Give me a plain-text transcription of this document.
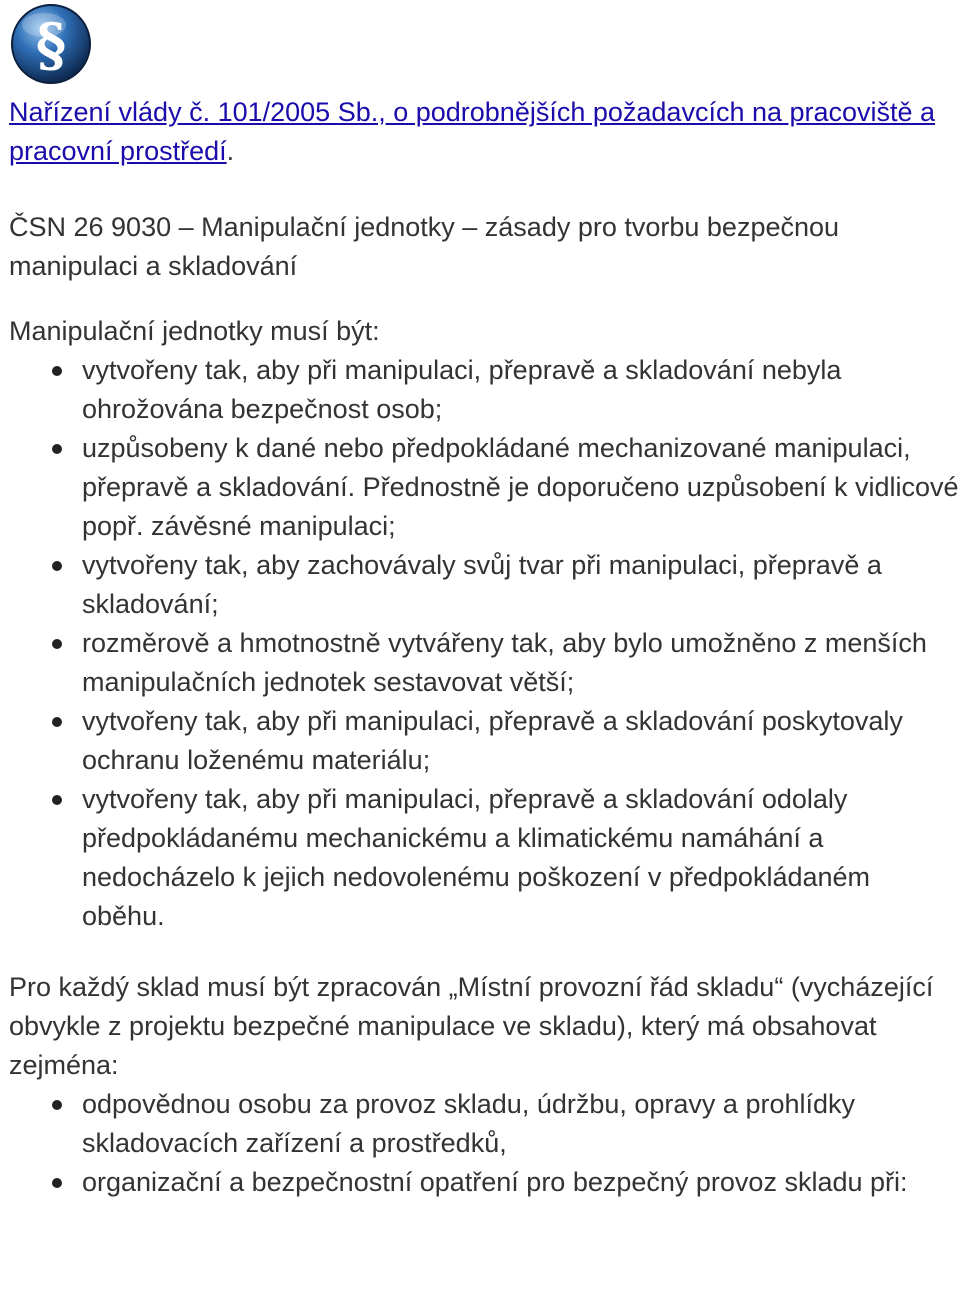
§

Nařízení vlády č. 101/2005 Sb., o podrobnějších požadavcích na pracoviště a pracovní prostředí.

ČSN 26 9030 – Manipulační jednotky – zásady pro tvorbu bezpečnou manipulaci a skladování

Manipulační jednotky musí být:

vytvořeny tak, aby při manipulaci, přepravě a skladování nebyla ohrožována bezpečnost osob;
uzpůsobeny k dané nebo předpokládané mechanizované manipulaci, přepravě a skladování. Přednostně je doporučeno uzpůsobení k vidlicové popř. závěsné manipulaci;
vytvořeny tak, aby zachovávaly svůj tvar při manipulaci, přepravě a skladování;
rozměrově a hmotnostně vytvářeny tak, aby bylo umožněno z menších manipulačních jednotek sestavovat větší;
vytvořeny tak, aby při manipulaci, přepravě a skladování poskytovaly ochranu loženému materiálu;
vytvořeny tak, aby při manipulaci, přepravě a skladování odolaly předpokládanému mechanickému a klimatickému namáhání a nedocházelo k jejich nedovolenému poškození v předpokládaném oběhu.

Pro každý sklad musí být zpracován „Místní provozní řád skladu“ (vycházející obvykle z projektu bezpečné manipulace ve skladu), který má obsahovat zejména:

odpovědnou osobu za provoz skladu, údržbu, opravy a prohlídky skladovacích zařízení a prostředků,
organizační a bezpečnostní opatření pro bezpečný provoz skladu při:
